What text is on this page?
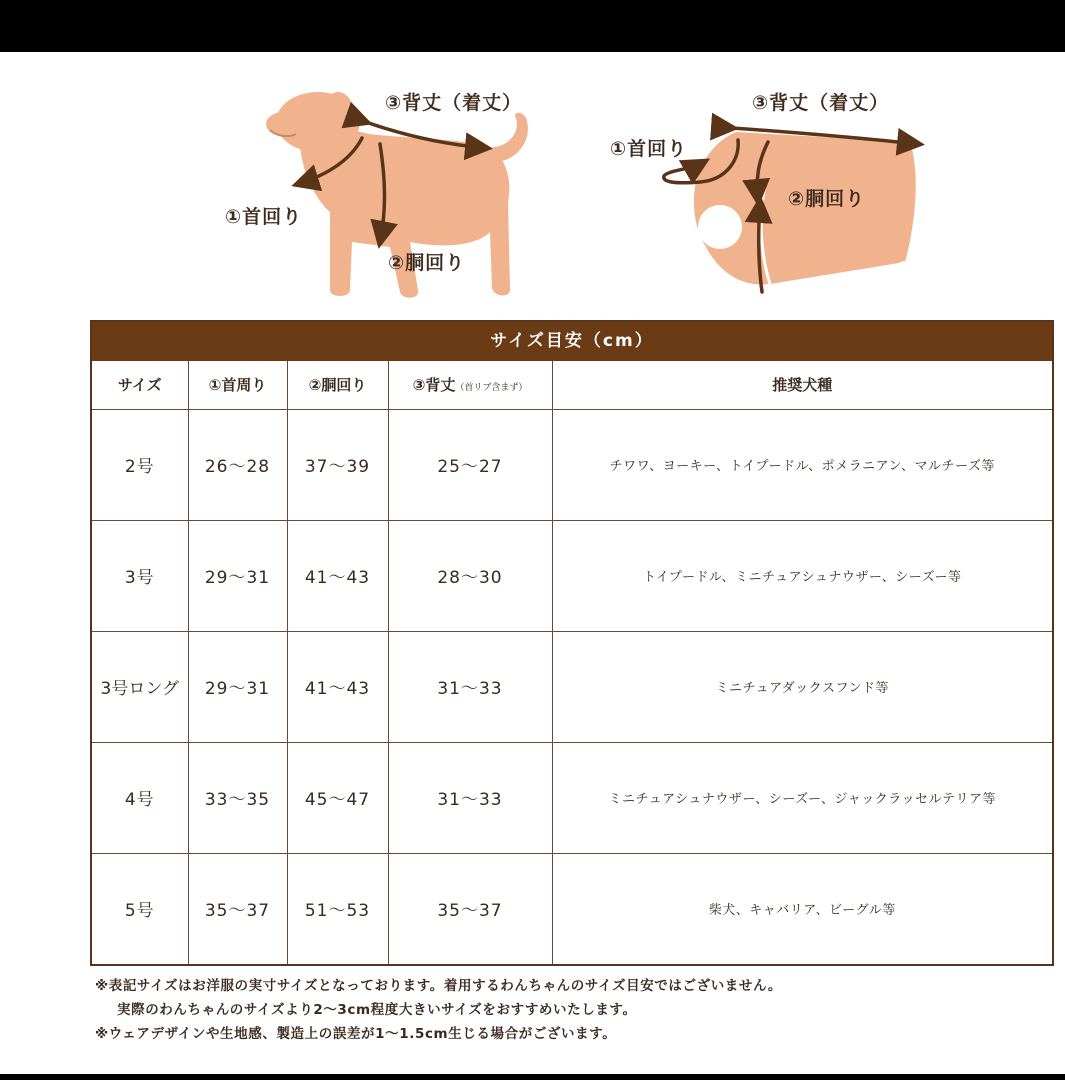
③背丈（着丈）
①首回り
②胴回り
③背丈（着丈）
①首回り
②胴回り
サイズ目安（cm）
サイズ	①首周り	②胴回り	③背丈（首リブ含まず）	推奨犬種
2号	26～28	37～39	25～27	チワワ、ヨーキー、トイプードル、ポメラニアン、マルチーズ等
3号	29～31	41～43	28～30	トイプードル、ミニチュアシュナウザー、シーズー等
3号ロング	29～31	41～43	31～33	ミニチュアダックスフンド等
4号	33～35	45～47	31～33	ミニチュアシュナウザー、シーズー、ジャックラッセルテリア等
5号	35～37	51～53	35～37	柴犬、キャバリア、ビーグル等
※表記サイズはお洋服の実寸サイズとなっております。着用するわんちゃんのサイズ目安ではございません。
実際のわんちゃんのサイズより2～3cm程度大きいサイズをおすすめいたします。
※ウェアデザインや生地感、製造上の誤差が1～1.5cm生じる場合がございます。
